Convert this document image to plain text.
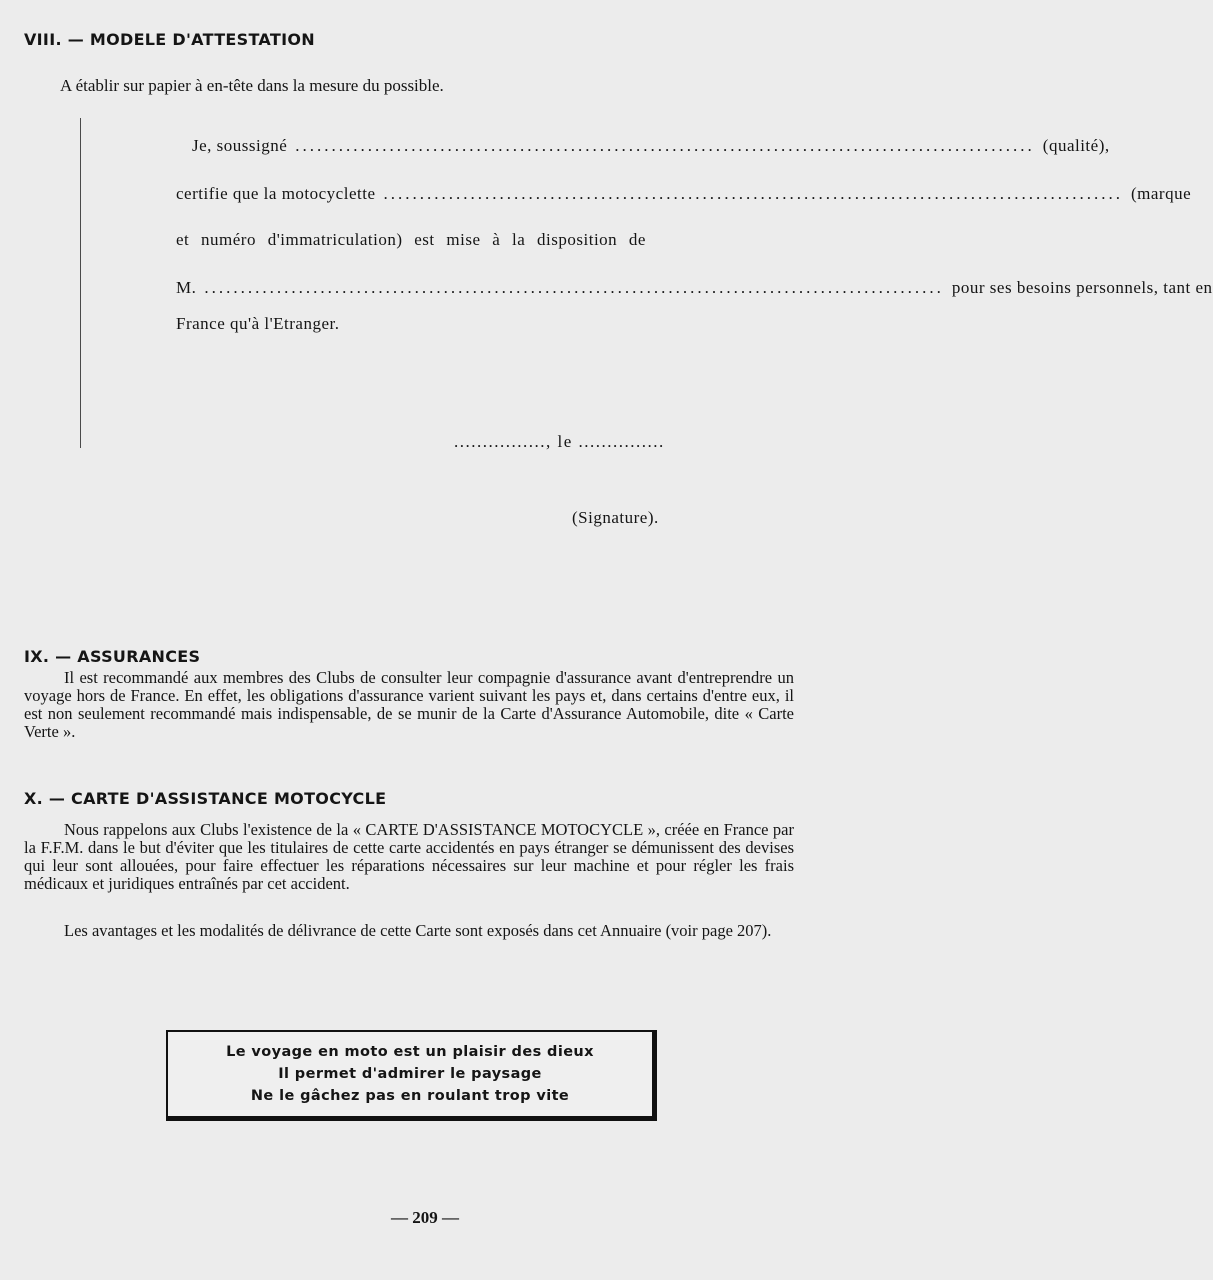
VIII. — MODELE D'ATTESTATION
A établir sur papier à en-tête dans la mesure du possible.
Je, soussigné ...................................................................................................... (qualité),
certifie que la motocyclette ...................................................................................................... (marque
et numéro d'immatriculation) est mise à la disposition de
M. ...................................................................................................... pour ses besoins personnels, tant en
France qu'à l'Etranger.
................, le ...............
(Signature).
IX. — ASSURANCES

Il est recommandé aux membres des Clubs de consulter leur compagnie d'assurance avant d'entreprendre un voyage hors de France. En effet, les obligations d'assurance varient suivant les pays et, dans certains d'entre eux, il est non seulement recommandé mais indispensable, de se munir de la Carte d'Assurance Automobile, dite « Carte Verte ».

X. — CARTE D'ASSISTANCE MOTOCYCLE

Nous rappelons aux Clubs l'existence de la « CARTE D'ASSISTANCE MOTOCYCLE », créée en France par la F.F.M. dans le but d'éviter que les titulaires de cette carte accidentés en pays étranger se démunissent des devises qui leur sont allouées, pour faire effectuer les réparations nécessaires sur leur machine et pour régler les frais médicaux et juridiques entraînés par cet accident.

Les avantages et les modalités de délivrance de cette Carte sont exposés dans cet Annuaire (voir page 207).

Le voyage en moto est un plaisir des dieux
Il permet d'admirer le paysage
Ne le gâchez pas en roulant trop vite
— 209 —
